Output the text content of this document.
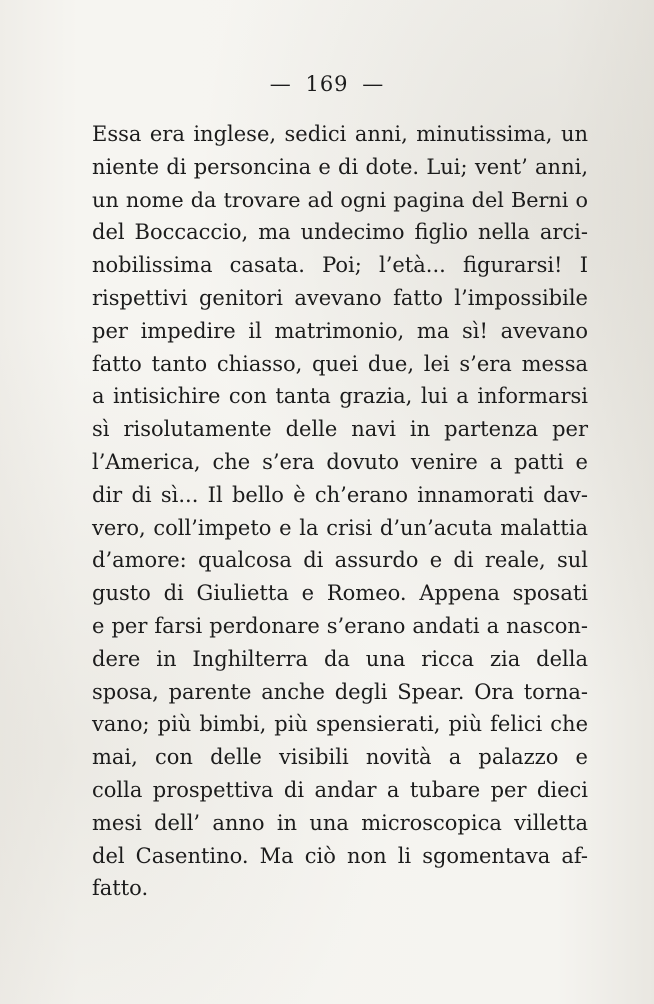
— 169 —
Essa era inglese, sedici anni, minutissima, un
niente di personcina e di dote. Lui; vent’ anni,
un nome da trovare ad ogni pagina del Berni o
del Boccaccio, ma undecimo figlio nella arci-
nobilissima casata. Poi; l’età... figurarsi! I
rispettivi genitori avevano fatto l’impossibile
per impedire il matrimonio, ma sì! avevano
fatto tanto chiasso, quei due, lei s’era messa
a intisichire con tanta grazia, lui a informarsi
sì risolutamente delle navi in partenza per
l’America, che s’era dovuto venire a patti e
dir di sì... Il bello è ch’erano innamorati dav-
vero, coll’impeto e la crisi d’un’acuta malattia
d’amore: qualcosa di assurdo e di reale, sul
gusto di Giulietta e Romeo. Appena sposati
e per farsi perdonare s’erano andati a nascon-
dere in Inghilterra da una ricca zia della
sposa, parente anche degli Spear. Ora torna-
vano; più bimbi, più spensierati, più felici che
mai, con delle visibili novità a palazzo e
colla prospettiva di andar a tubare per dieci
mesi dell’ anno in una microscopica villetta
del Casentino. Ma ciò non li sgomentava af-
fatto.
